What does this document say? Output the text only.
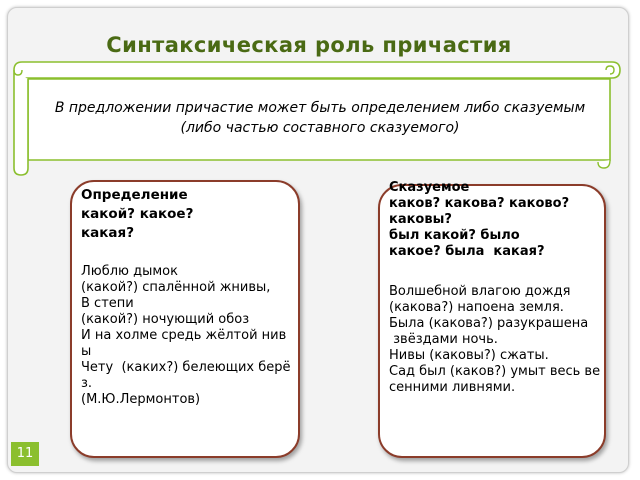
Синтаксическая роль причастия
В предложении причастие может быть определением либо сказуемым (либо частью составного сказуемого)
Определение
какой? какое?
какая?
Люблю дымок
(какой?) спалённой жнивы,
В степи
(какой?) ночующий обоз
И на холме средь жёлтой нивы
Чету  (каких?) белеющих берёз.
(М.Ю.Лермонтов)
Сказуемое
каков? какова? каково?
каковы?
был какой? было
какое? была  какая?
Волшебной влагою дождя
(какова?) напоена земля.
Была (какова?) разукрашена
звёздами ночь.
Нивы (каковы?) сжаты.
Сад был (каков?) умыт весь весенними ливнями.
11
